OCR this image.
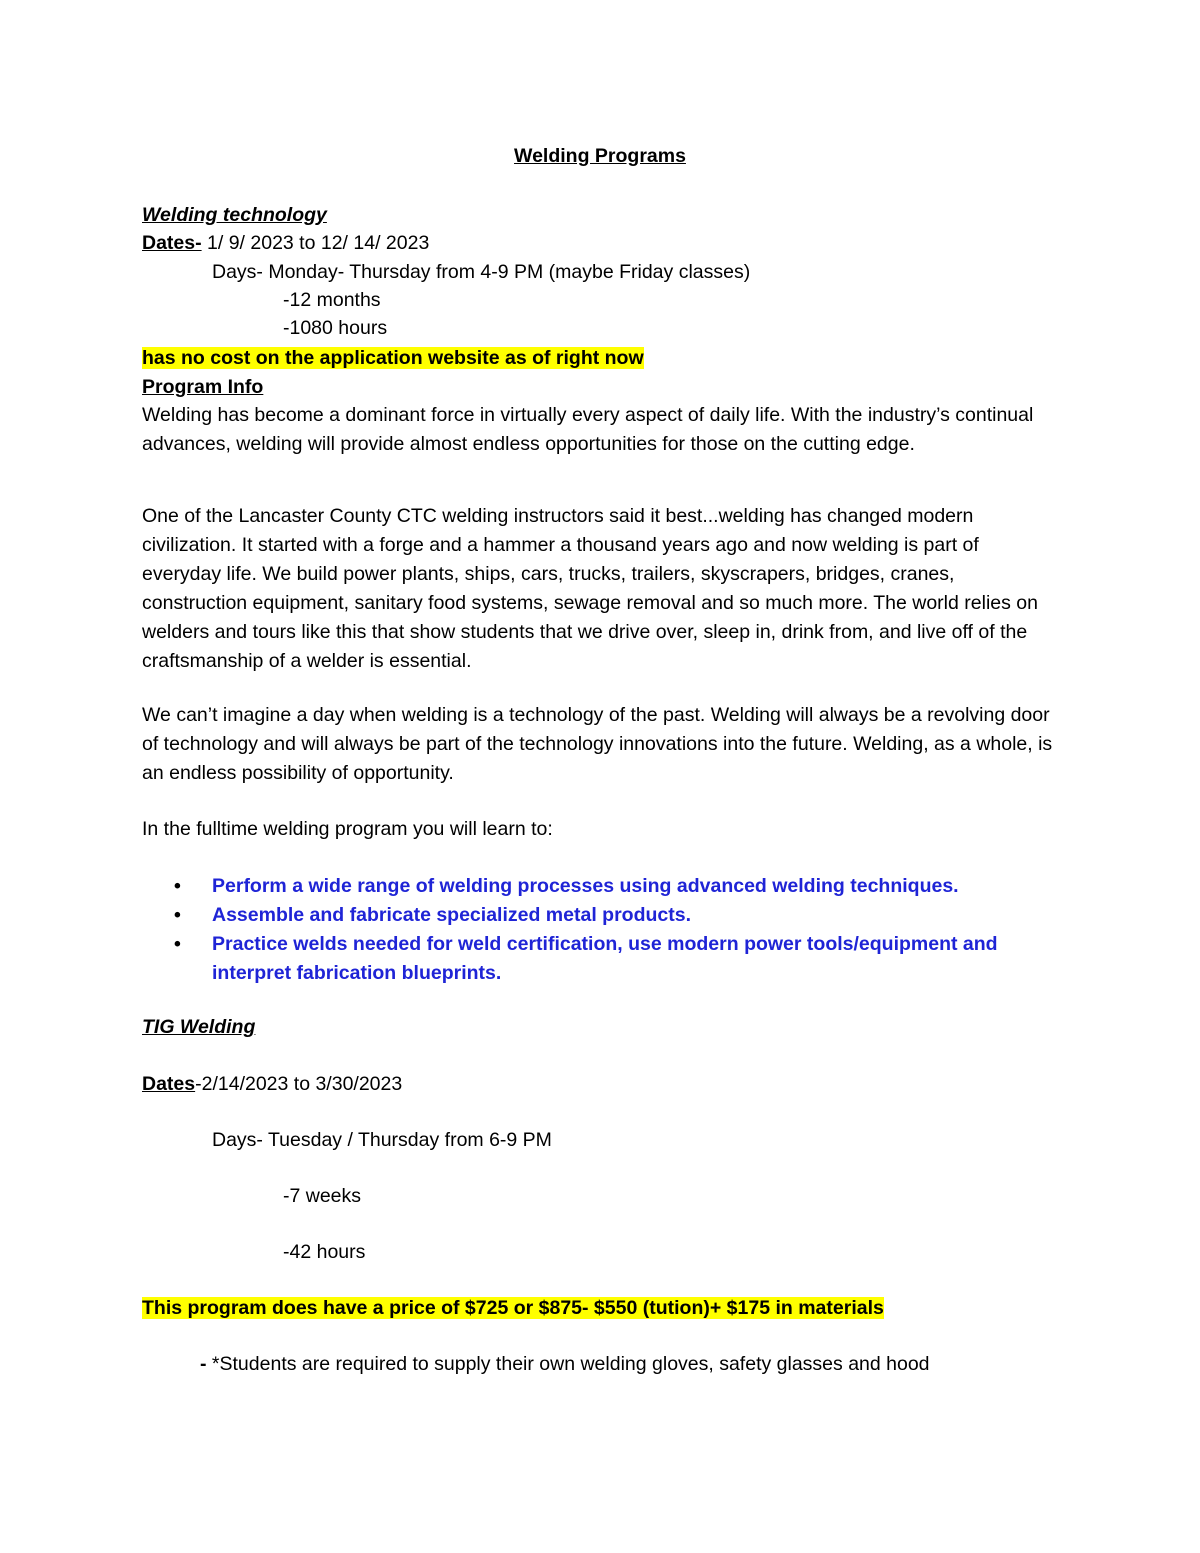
Welding Programs
Welding technology
Dates- 1/ 9/ 2023 to 12/ 14/ 2023
Days- Monday- Thursday from 4-9 PM (maybe Friday classes)
-12 months
-1080 hours
has no cost on the application website as of right now
Program Info
Welding has become a dominant force in virtually every aspect of daily life. With the industry’s continual advances, welding will provide almost endless opportunities for those on the cutting edge.
One of the Lancaster County CTC welding instructors said it best...welding has changed modern civilization. It started with a forge and a hammer a thousand years ago and now welding is part of everyday life. We build power plants, ships, cars, trucks, trailers, skyscrapers, bridges, cranes, construction equipment, sanitary food systems, sewage removal and so much more. The world relies on welders and tours like this that show students that we drive over, sleep in, drink from, and live off of the craftsmanship of a welder is essential.
We can’t imagine a day when welding is a technology of the past. Welding will always be a revolving door of technology and will always be part of the technology innovations into the future. Welding, as a whole, is an endless possibility of opportunity.
In the fulltime welding program you will learn to:
• Perform a wide range of welding processes using advanced welding techniques.
• Assemble and fabricate specialized metal products.
• Practice welds needed for weld certification, use modern power tools/equipment and interpret fabrication blueprints.
TIG Welding
Dates-2/14/2023 to 3/30/2023
Days- Tuesday / Thursday from 6-9 PM
-7 weeks
-42 hours
This program does have a price of $725 or $875- $550 (tution)+ $175 in materials
- *Students are required to supply their own welding gloves, safety glasses and hood
